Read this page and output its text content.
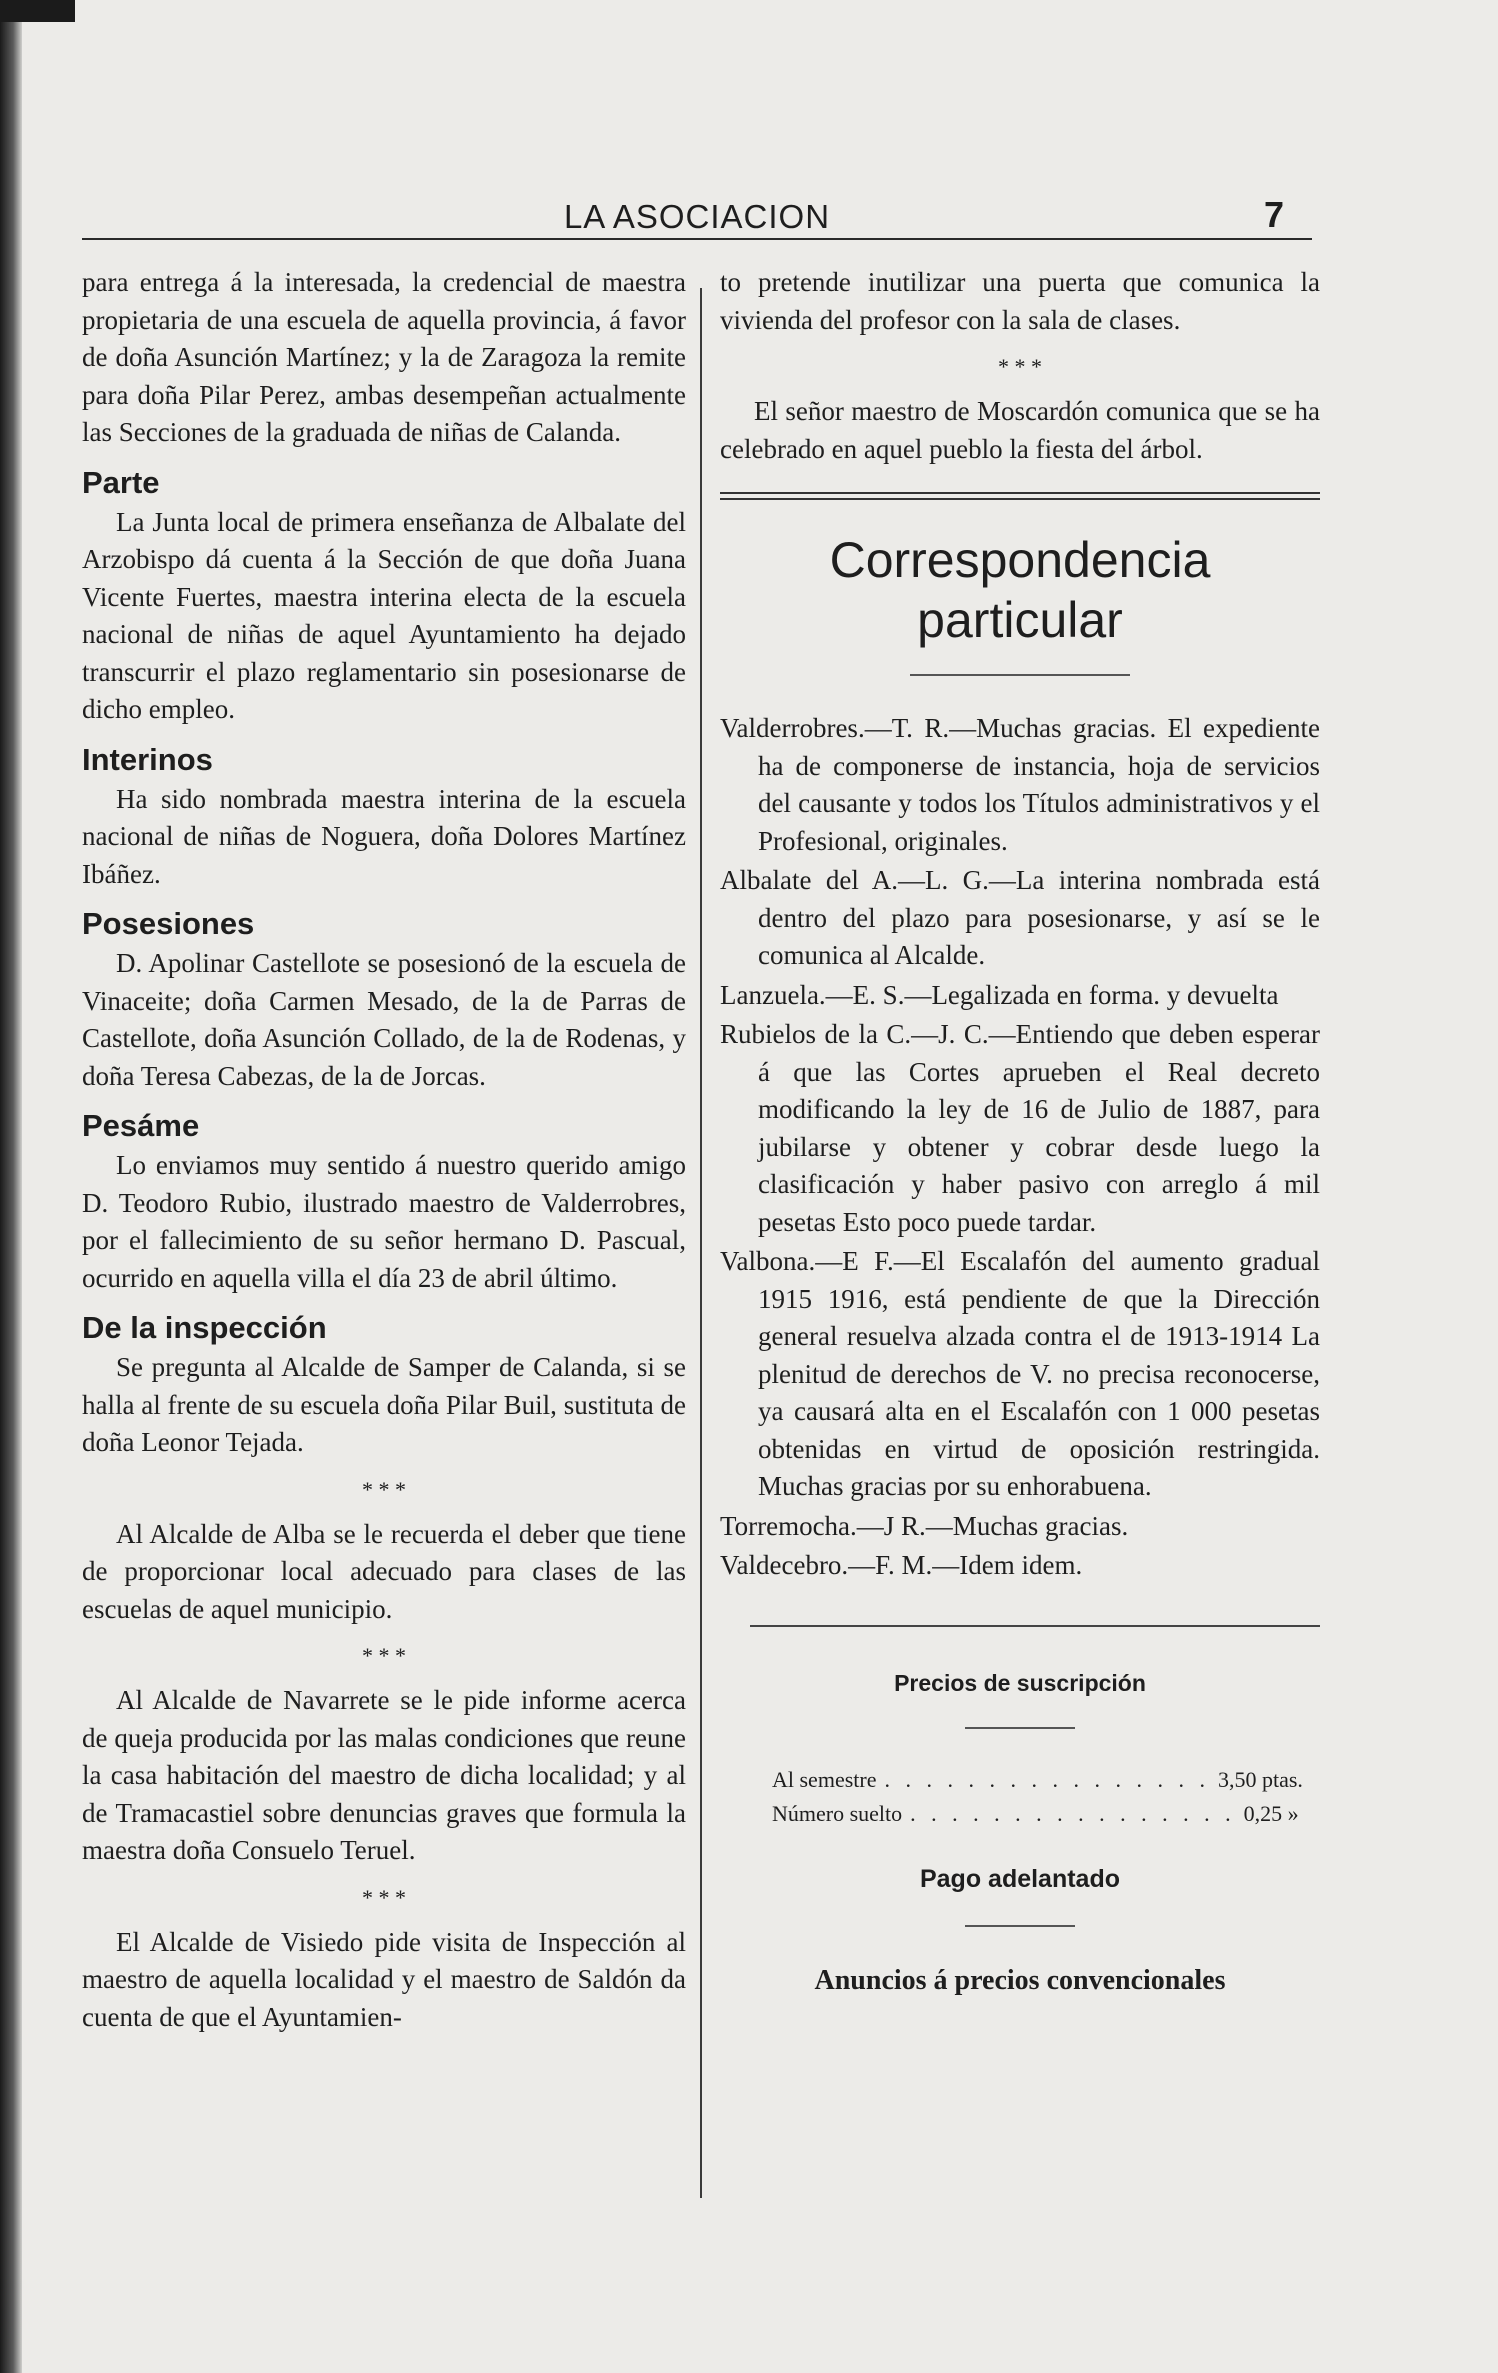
LA ASOCIACION	7

para entrega á la interesada, la credencial de maestra propietaria de una escuela de aquella provincia, á favor de doña Asunción Martínez; y la de Zaragoza la remite para doña Pilar Perez, ambas desempeñan actualmente las Secciones de la graduada de niñas de Calanda.

Parte

La Junta local de primera enseñanza de Albalate del Arzobispo dá cuenta á la Sección de que doña Juana Vicente Fuertes, maestra interina electa de la escuela nacional de niñas de aquel Ayuntamiento ha dejado transcurrir el plazo reglamentario sin posesionarse de dicho empleo.

Interinos

Ha sido nombrada maestra interina de la escuela nacional de niñas de Noguera, doña Dolores Martínez Ibáñez.

Posesiones

D. Apolinar Castellote se posesionó de la escuela de Vinaceite; doña Carmen Mesado, de la de Parras de Castellote, doña Asunción Collado, de la de Rodenas, y doña Teresa Cabezas, de la de Jorcas.

Pesáme

Lo enviamos muy sentido á nuestro querido amigo D. Teodoro Rubio, ilustrado maestro de Valderrobres, por el fallecimiento de su señor hermano D. Pascual, ocurrido en aquella villa el día 23 de abril último.

De la inspección

Se pregunta al Alcalde de Samper de Calanda, si se halla al frente de su escuela doña Pilar Buil, sustituta de doña Leonor Tejada.

* * *

Al Alcalde de Alba se le recuerda el deber que tiene de proporcionar local adecuado para clases de las escuelas de aquel municipio.

* * *

Al Alcalde de Navarrete se le pide informe acerca de queja producida por las malas condiciones que reune la casa habitación del maestro de dicha localidad; y al de Tramacastiel sobre denuncias graves que formula la maestra doña Consuelo Teruel.

* * *

El Alcalde de Visiedo pide visita de Inspección al maestro de aquella localidad y el maestro de Saldón da cuenta de que el Ayuntamien-

to pretende inutilizar una puerta que comunica la vivienda del profesor con la sala de clases.

* * *

El señor maestro de Moscardón comunica que se ha celebrado en aquel pueblo la fiesta del árbol.

Correspondencia particular

Valderrobres.—T. R.—Muchas gracias. El expediente ha de componerse de instancia, hoja de servicios del causante y todos los Títulos administrativos y el Profesional, originales.

Albalate del A.—L. G.—La interina nombrada está dentro del plazo para posesionarse, y así se le comunica al Alcalde.

Lanzuela.—E. S.—Legalizada en forma. y devuelta

Rubielos de la C.—J. C.—Entiendo que deben esperar á que las Cortes aprueben el Real decreto modificando la ley de 16 de Julio de 1887, para jubilarse y obtener y cobrar desde luego la clasificación y haber pasivo con arreglo á mil pesetas Esto poco puede tardar.

Valbona.—E F.—El Escalafón del aumento gradual 1915 1916, está pendiente de que la Dirección general resuelva alzada contra el de 1913-1914 La plenitud de derechos de V. no precisa reconocerse, ya causará alta en el Escalafón con 1 000 pesetas obtenidas en virtud de oposición restringida. Muchas gracias por su enhorabuena.

Torremocha.—J R.—Muchas gracias.

Valdecebro.—F. M.—Idem idem.

Precios de suscripción
Al semestre . . . . . . . . . . . . . . . . 3,50 ptas.
Número suelto . . . . . . . . . . . . . . . . 0,25 »
Pago adelantado
Anuncios á precios convencionales
